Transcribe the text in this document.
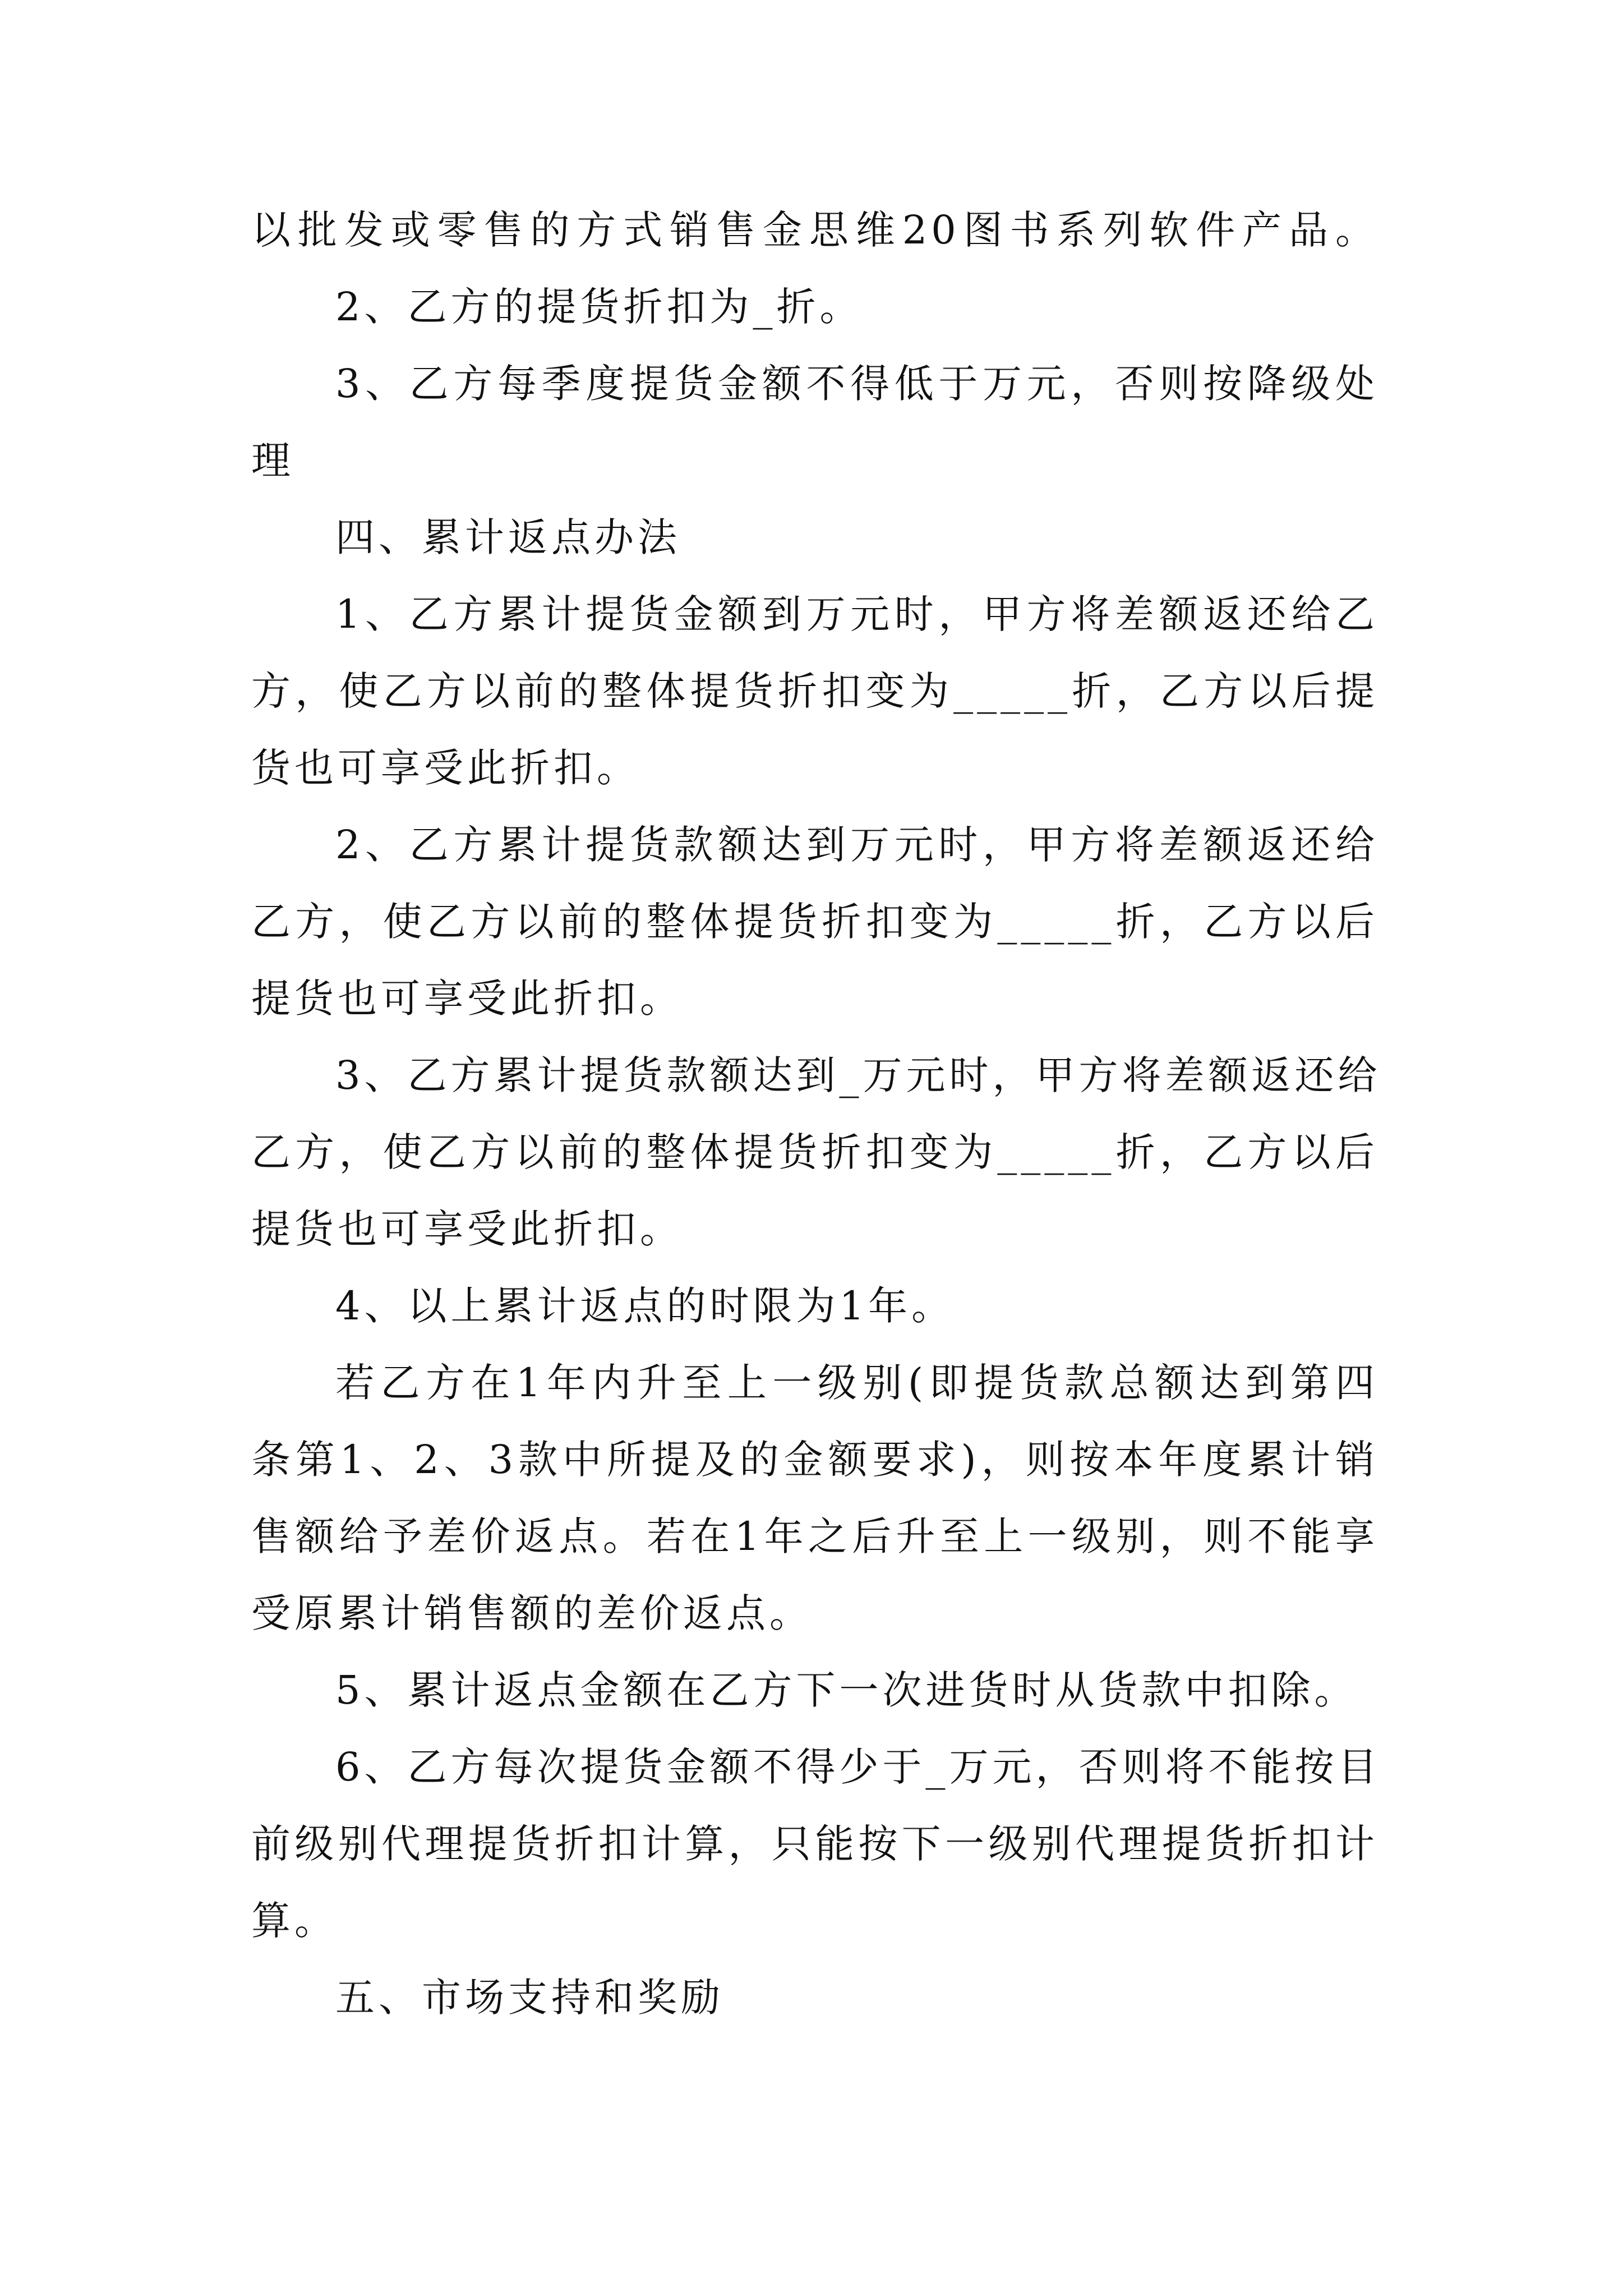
以批发或零售的方式销售金思维20图书系列软件产品。
2、乙方的提货折扣为_折。
3、乙方每季度提货金额不得低于万元，否则按降级处
理
四、累计返点办法
1、乙方累计提货金额到万元时，甲方将差额返还给乙
方，使乙方以前的整体提货折扣变为_____折，乙方以后提
货也可享受此折扣。
2、乙方累计提货款额达到万元时，甲方将差额返还给
乙方，使乙方以前的整体提货折扣变为_____折，乙方以后
提货也可享受此折扣。
3、乙方累计提货款额达到_万元时，甲方将差额返还给
乙方，使乙方以前的整体提货折扣变为_____折，乙方以后
提货也可享受此折扣。
4、以上累计返点的时限为1年。
若乙方在1年内升至上一级别(即提货款总额达到第四
条第1、2、3款中所提及的金额要求)，则按本年度累计销
售额给予差价返点。若在1年之后升至上一级别，则不能享
受原累计销售额的差价返点。
5、累计返点金额在乙方下一次进货时从货款中扣除。
6、乙方每次提货金额不得少于_万元，否则将不能按目
前级别代理提货折扣计算，只能按下一级别代理提货折扣计
算。
五、市场支持和奖励
